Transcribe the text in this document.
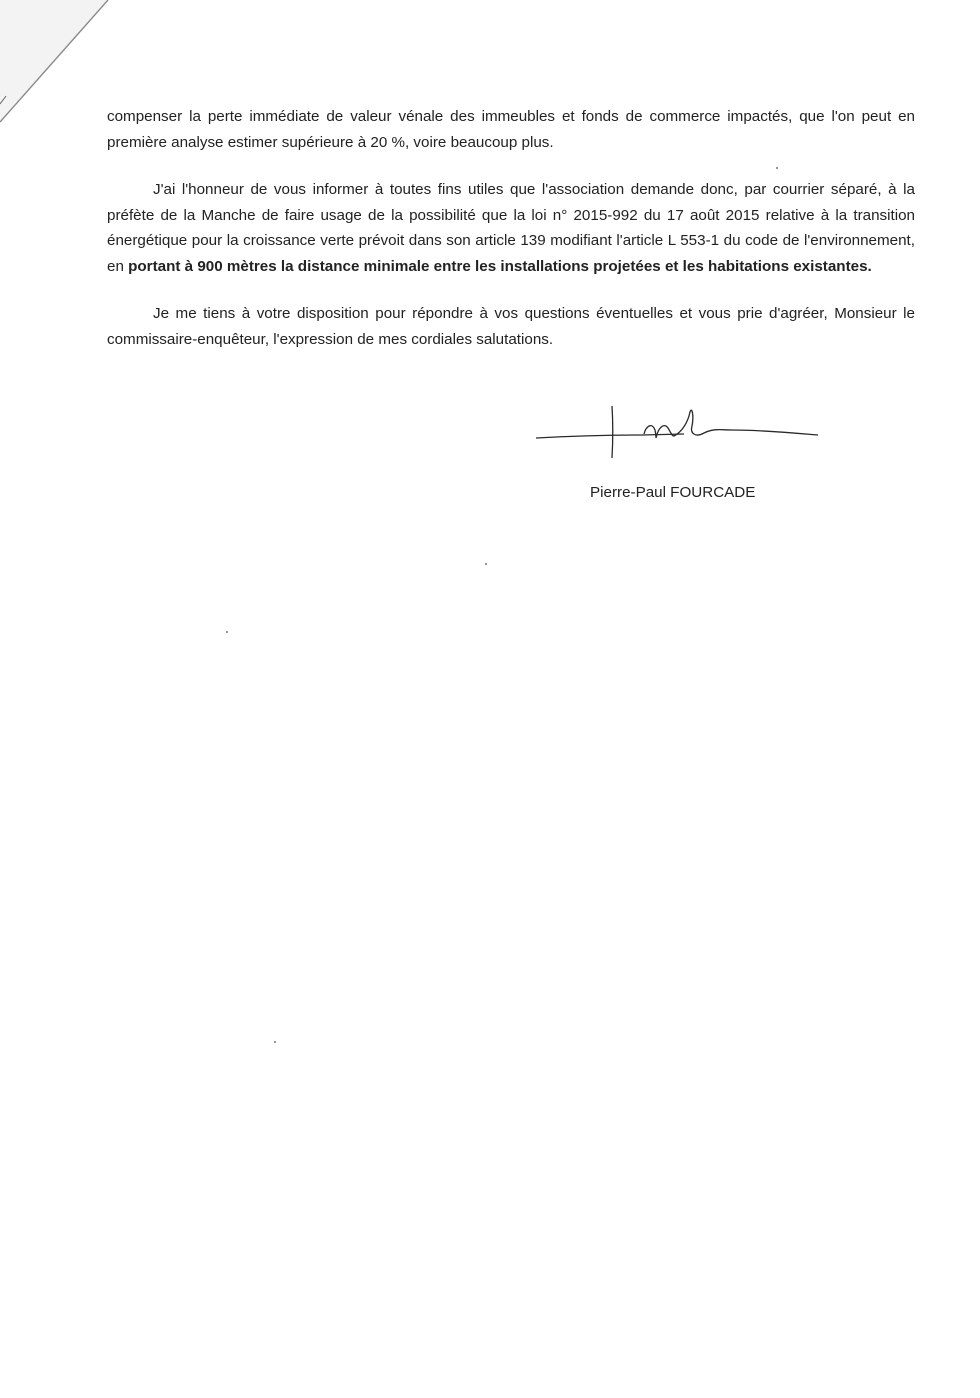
compenser la perte immédiate de valeur vénale des immeubles et fonds de commerce impactés, que l'on peut en première analyse estimer supérieure à 20 %, voire beaucoup plus.

J'ai l'honneur de vous informer à toutes fins utiles que l'association demande donc, par courrier séparé, à la préfète de la Manche de faire usage de la possibilité que la loi n° 2015-992 du 17 août 2015 relative à la transition énergétique pour la croissance verte prévoit dans son article 139 modifiant l'article L 553-1 du code de l'environnement, en portant à 900 mètres la distance minimale entre les installations projetées et les habitations existantes.

Je me tiens à votre disposition pour répondre à vos questions éventuelles et vous prie d'agréer, Monsieur le commissaire-enquêteur, l'expression de mes cordiales salutations.

Pierre-Paul FOURCADE
